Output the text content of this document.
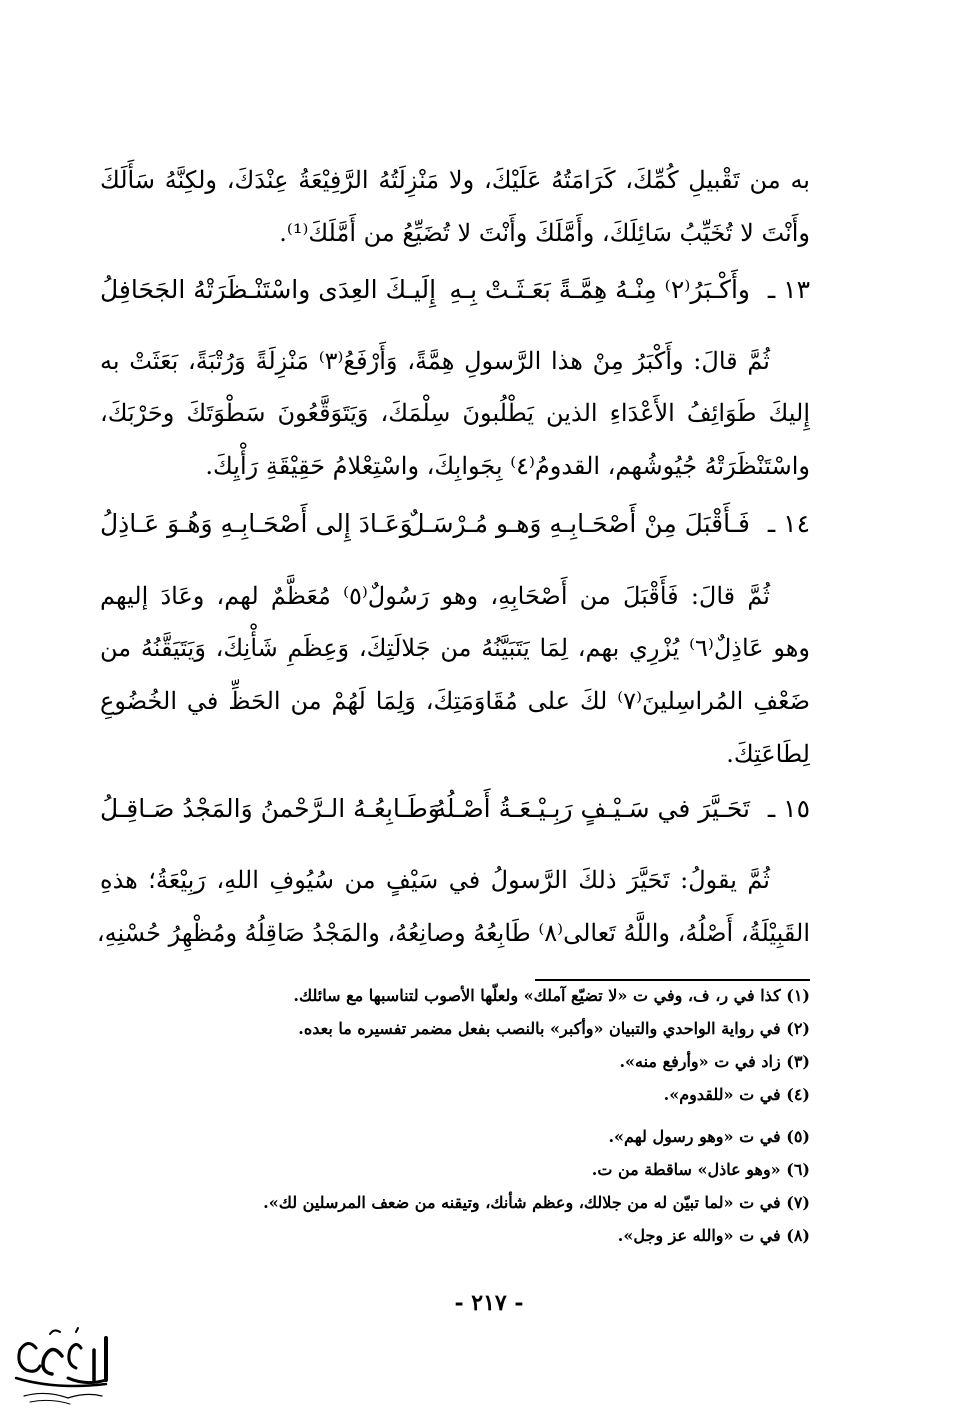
به من تَقْبيلِ كُمِّكَ، كَرَامَتُهُ عَلَيْكَ، ولا مَنْزِلَتُهُ الرَّفِيْعَةُ عِنْدَكَ، ولكِنَّهُ سَأَلَكَ
وأَنْتَ لا تُخَيِّبُ سَائِلَكَ، وأَمَّلَكَ وأَنْتَ لا تُضَيِّعُ من أَمَّلَكَ⁽¹⁾.
١٣ ـ
وأَكْـبَرُ⁽٢⁾ مِنْـهُ هِمَّـةً بَعَـثَـتْ بِـهِ
إِلَيـكَ العِدَى واسْتَنْـظَرَتْهُ الجَحَافِلُ
ثُمَّ قالَ: وأَكْبَرُ مِنْ هذا الرَّسولِ هِمَّةً، وَأَرْفَعُ⁽٣⁾ مَنْزِلَةً وَرُتْبَةً، بَعَثَتْ به
إِليكَ طَوَائِفُ الأَعْدَاءِ الذين يَطْلُبونَ سِلْمَكَ، وَيَتَوَقَّعُونَ سَطْوَتَكَ وحَرْبَكَ،
واسْتَنْظَرَتْهُ جُيُوشُهم، القدومُ⁽٤⁾ بِجَوابِكَ، واسْتِعْلامُ حَقِيْقَةِ رَأْيِكَ.
١٤ ـ
فَـأَقْبَلَ مِنْ أَصْحَـابِـهِ وَهـو مُـرْسَـلٌ
وَعَـادَ إِلى أَصْحَـابِـهِ وَهُـوَ عَـاذِلُ
ثُمَّ قالَ: فَأَقْبَلَ من أَصْحَابِهِ، وهو رَسُولٌ⁽٥⁾ مُعَظَّمٌ لهم، وعَادَ إليهم
وهو عَاذِلٌ⁽٦⁾ يُزْرِي بهم، لِمَا يَتَبَيَّنُهُ من جَلالَتِكَ، وَعِظَمِ شَأْنِكَ، وَيَتَيَقَّنُهُ من
ضَعْفِ المُراسِلينَ⁽٧⁾ لكَ على مُقَاوَمَتِكَ، وَلِمَا لَهُمْ من الحَظِّ في الخُضُوعِ
لِطَاعَتِكَ.
١٥ ـ
تَحَـيَّرَ في سَـيْـفٍ رَبِـيْـعَـةُ أَصْـلُهُ
وَطَـابِعُـهُ الـرَّحْمنُ وَالمَجْدُ صَـاقِـلُ
ثُمَّ يقولُ: تَحَيَّرَ ذلكَ الرَّسولُ في سَيْفٍ من سُيُوفِ اللهِ، رَبِيْعَةُ؛ هذهِ
القَبِيْلَةُ، أَصْلُهُ، واللَّهُ تَعالى⁽٨⁾ طَابِعُهُ وصانِعُهُ، والمَجْدُ صَاقِلُهُ ومُظْهِرُ حُسْنِهِ،
(١) كذا في ر، ف، وفي ت «لا تضيّع آملك» ولعلّها الأصوب لتناسبها مع سائلك.
(٢) في رواية الواحدي والتبيان «وأكبر» بالنصب بفعل مضمر تفسيره ما بعده.
(٣) زاد في ت «وأرفع منه».
(٤) في ت «للقدوم».
(٥) في ت «وهو رسول لهم».
(٦) «وهو عاذل» ساقطة من ت.
(٧) في ت «لما تبيّن له من جلالك، وعظم شأنك، وتيقنه من ضعف المرسلين لك».
(٨) في ت «والله عز وجل».
- ٢١٧ -
